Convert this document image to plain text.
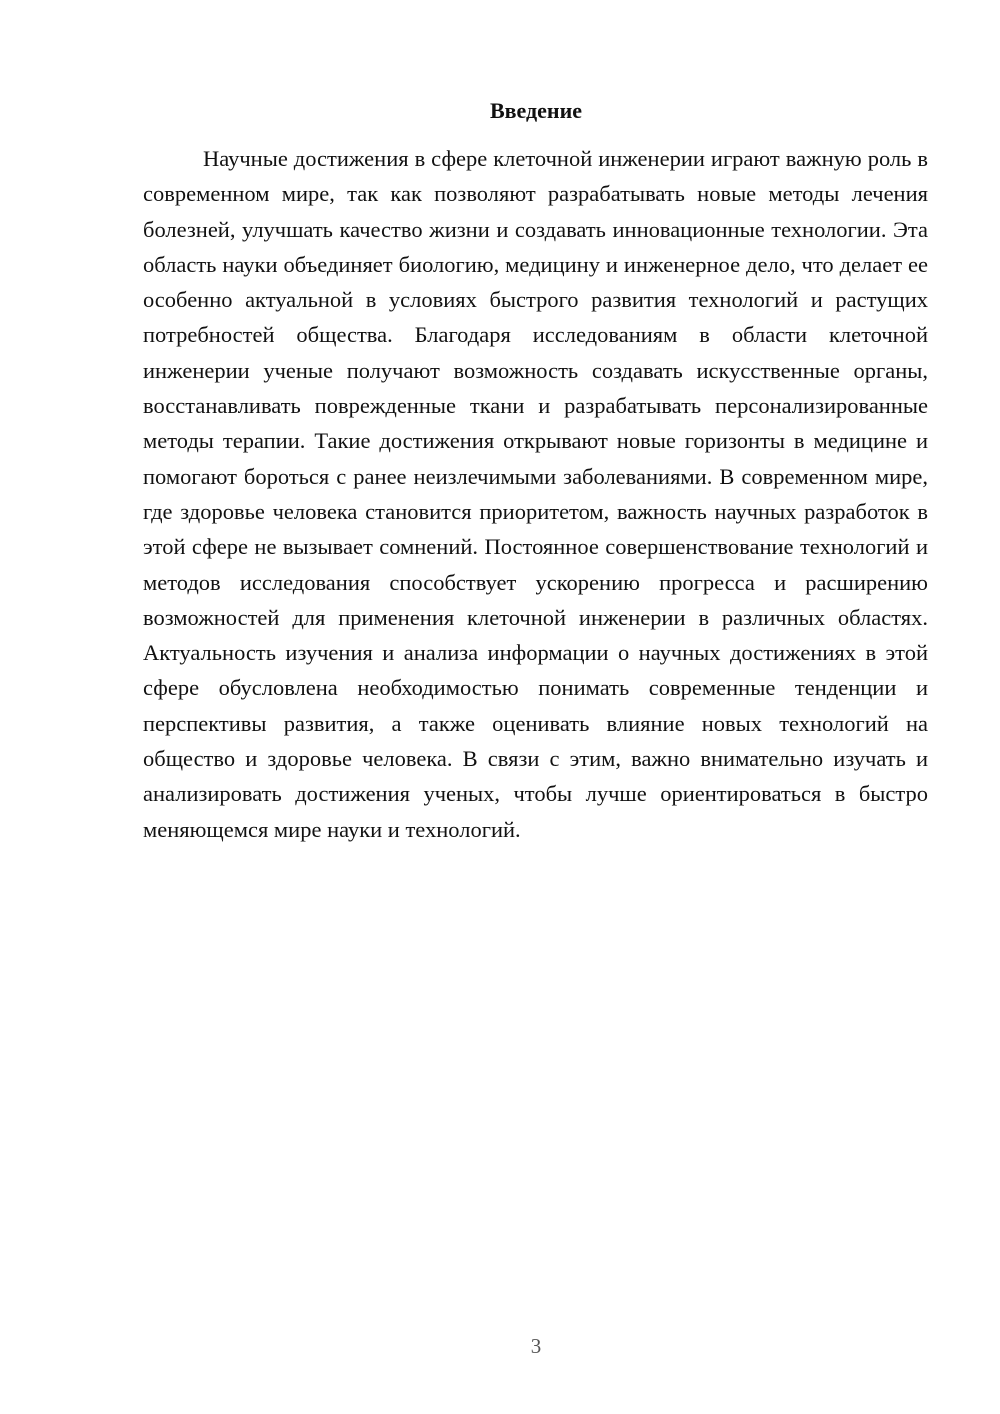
Введение

Научные достижения в сфере клеточной инженерии играют важную роль в современном мире, так как позволяют разрабатывать новые методы лечения болезней, улучшать качество жизни и создавать инновационные технологии. Эта область науки объединяет биологию, медицину и инженерное дело, что делает ее особенно актуальной в условиях быстрого развития технологий и растущих потребностей общества. Благодаря исследованиям в области клеточной инженерии ученые получают возможность создавать искусственные органы, восстанавливать поврежденные ткани и разрабатывать персонализированные методы терапии. Такие достижения открывают новые горизонты в медицине и помогают бороться с ранее неизлечимыми заболеваниями. В современном мире, где здоровье человека становится приоритетом, важность научных разработок в этой сфере не вызывает сомнений. Постоянное совершенствование технологий и методов исследования способствует ускорению прогресса и расширению возможностей для применения клеточной инженерии в различных областях. Актуальность изучения и анализа информации о научных достижениях в этой сфере обусловлена необходимостью понимать современные тенденции и перспективы развития, а также оценивать влияние новых технологий на общество и здоровье человека. В связи с этим, важно внимательно изучать и анализировать достижения ученых, чтобы лучше ориентироваться в быстро меняющемся мире науки и технологий.

3
